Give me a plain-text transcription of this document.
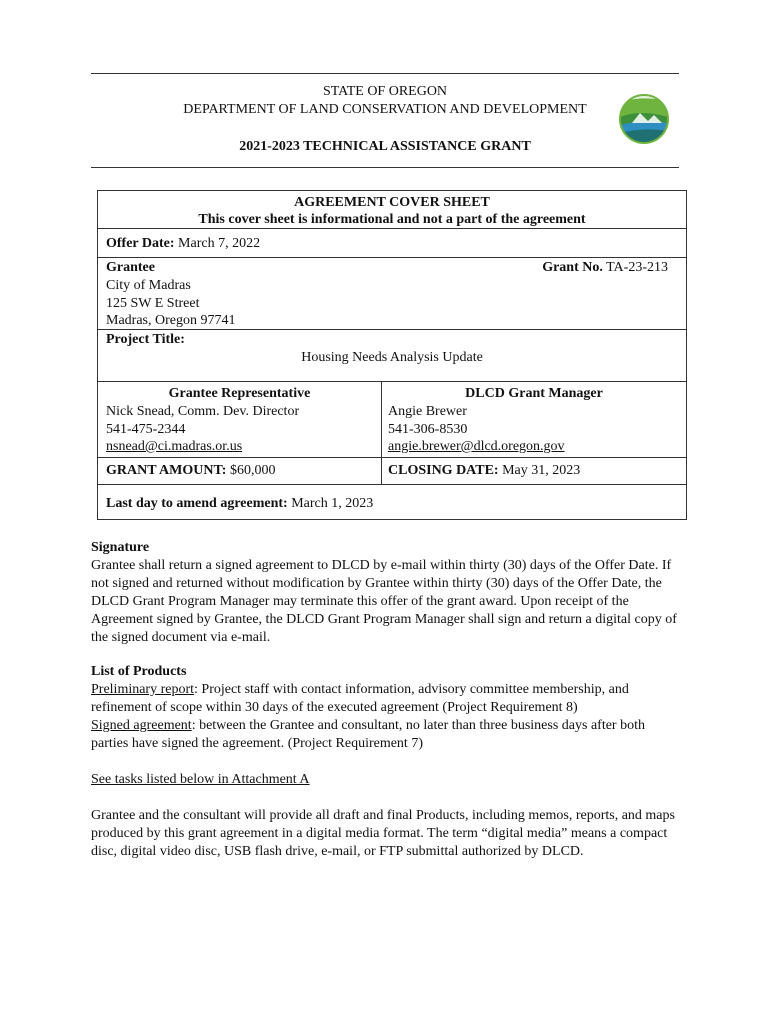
STATE OF OREGON
DEPARTMENT OF LAND CONSERVATION AND DEVELOPMENT
2021-2023 TECHNICAL ASSISTANCE GRANT
AGREEMENT COVER SHEET
This cover sheet is informational and not a part of the agreement
Offer Date: March 7, 2022
Grantee	Grant No. TA-23-213
City of Madras
125 SW E Street
Madras, Oregon 97741
Project Title:
Housing Needs Analysis Update
Grantee Representative
Nick Snead, Comm. Dev. Director
541-475-2344
nsnead@ci.madras.or.us
DLCD Grant Manager
Angie Brewer
541-306-8530
angie.brewer@dlcd.oregon.gov
GRANT AMOUNT: $60,000	CLOSING DATE: May 31, 2023
Last day to amend agreement: March 1, 2023

Signature

Grantee shall return a signed agreement to DLCD by e-mail within thirty (30) days of the Offer Date. If not signed and returned without modification by Grantee within thirty (30) days of the Offer Date, the DLCD Grant Program Manager may terminate this offer of the grant award. Upon receipt of the Agreement signed by Grantee, the DLCD Grant Program Manager shall sign and return a digital copy of the signed document via e-mail.

List of Products

Preliminary report: Project staff with contact information, advisory committee membership, and refinement of scope within 30 days of the executed agreement (Project Requirement 8)

Signed agreement: between the Grantee and consultant, no later than three business days after both parties have signed the agreement. (Project Requirement 7)

See tasks listed below in Attachment A

Grantee and the consultant will provide all draft and final Products, including memos, reports, and maps produced by this grant agreement in a digital media format. The term “digital media” means a compact disc, digital video disc, USB flash drive, e-mail, or FTP submittal authorized by DLCD.
